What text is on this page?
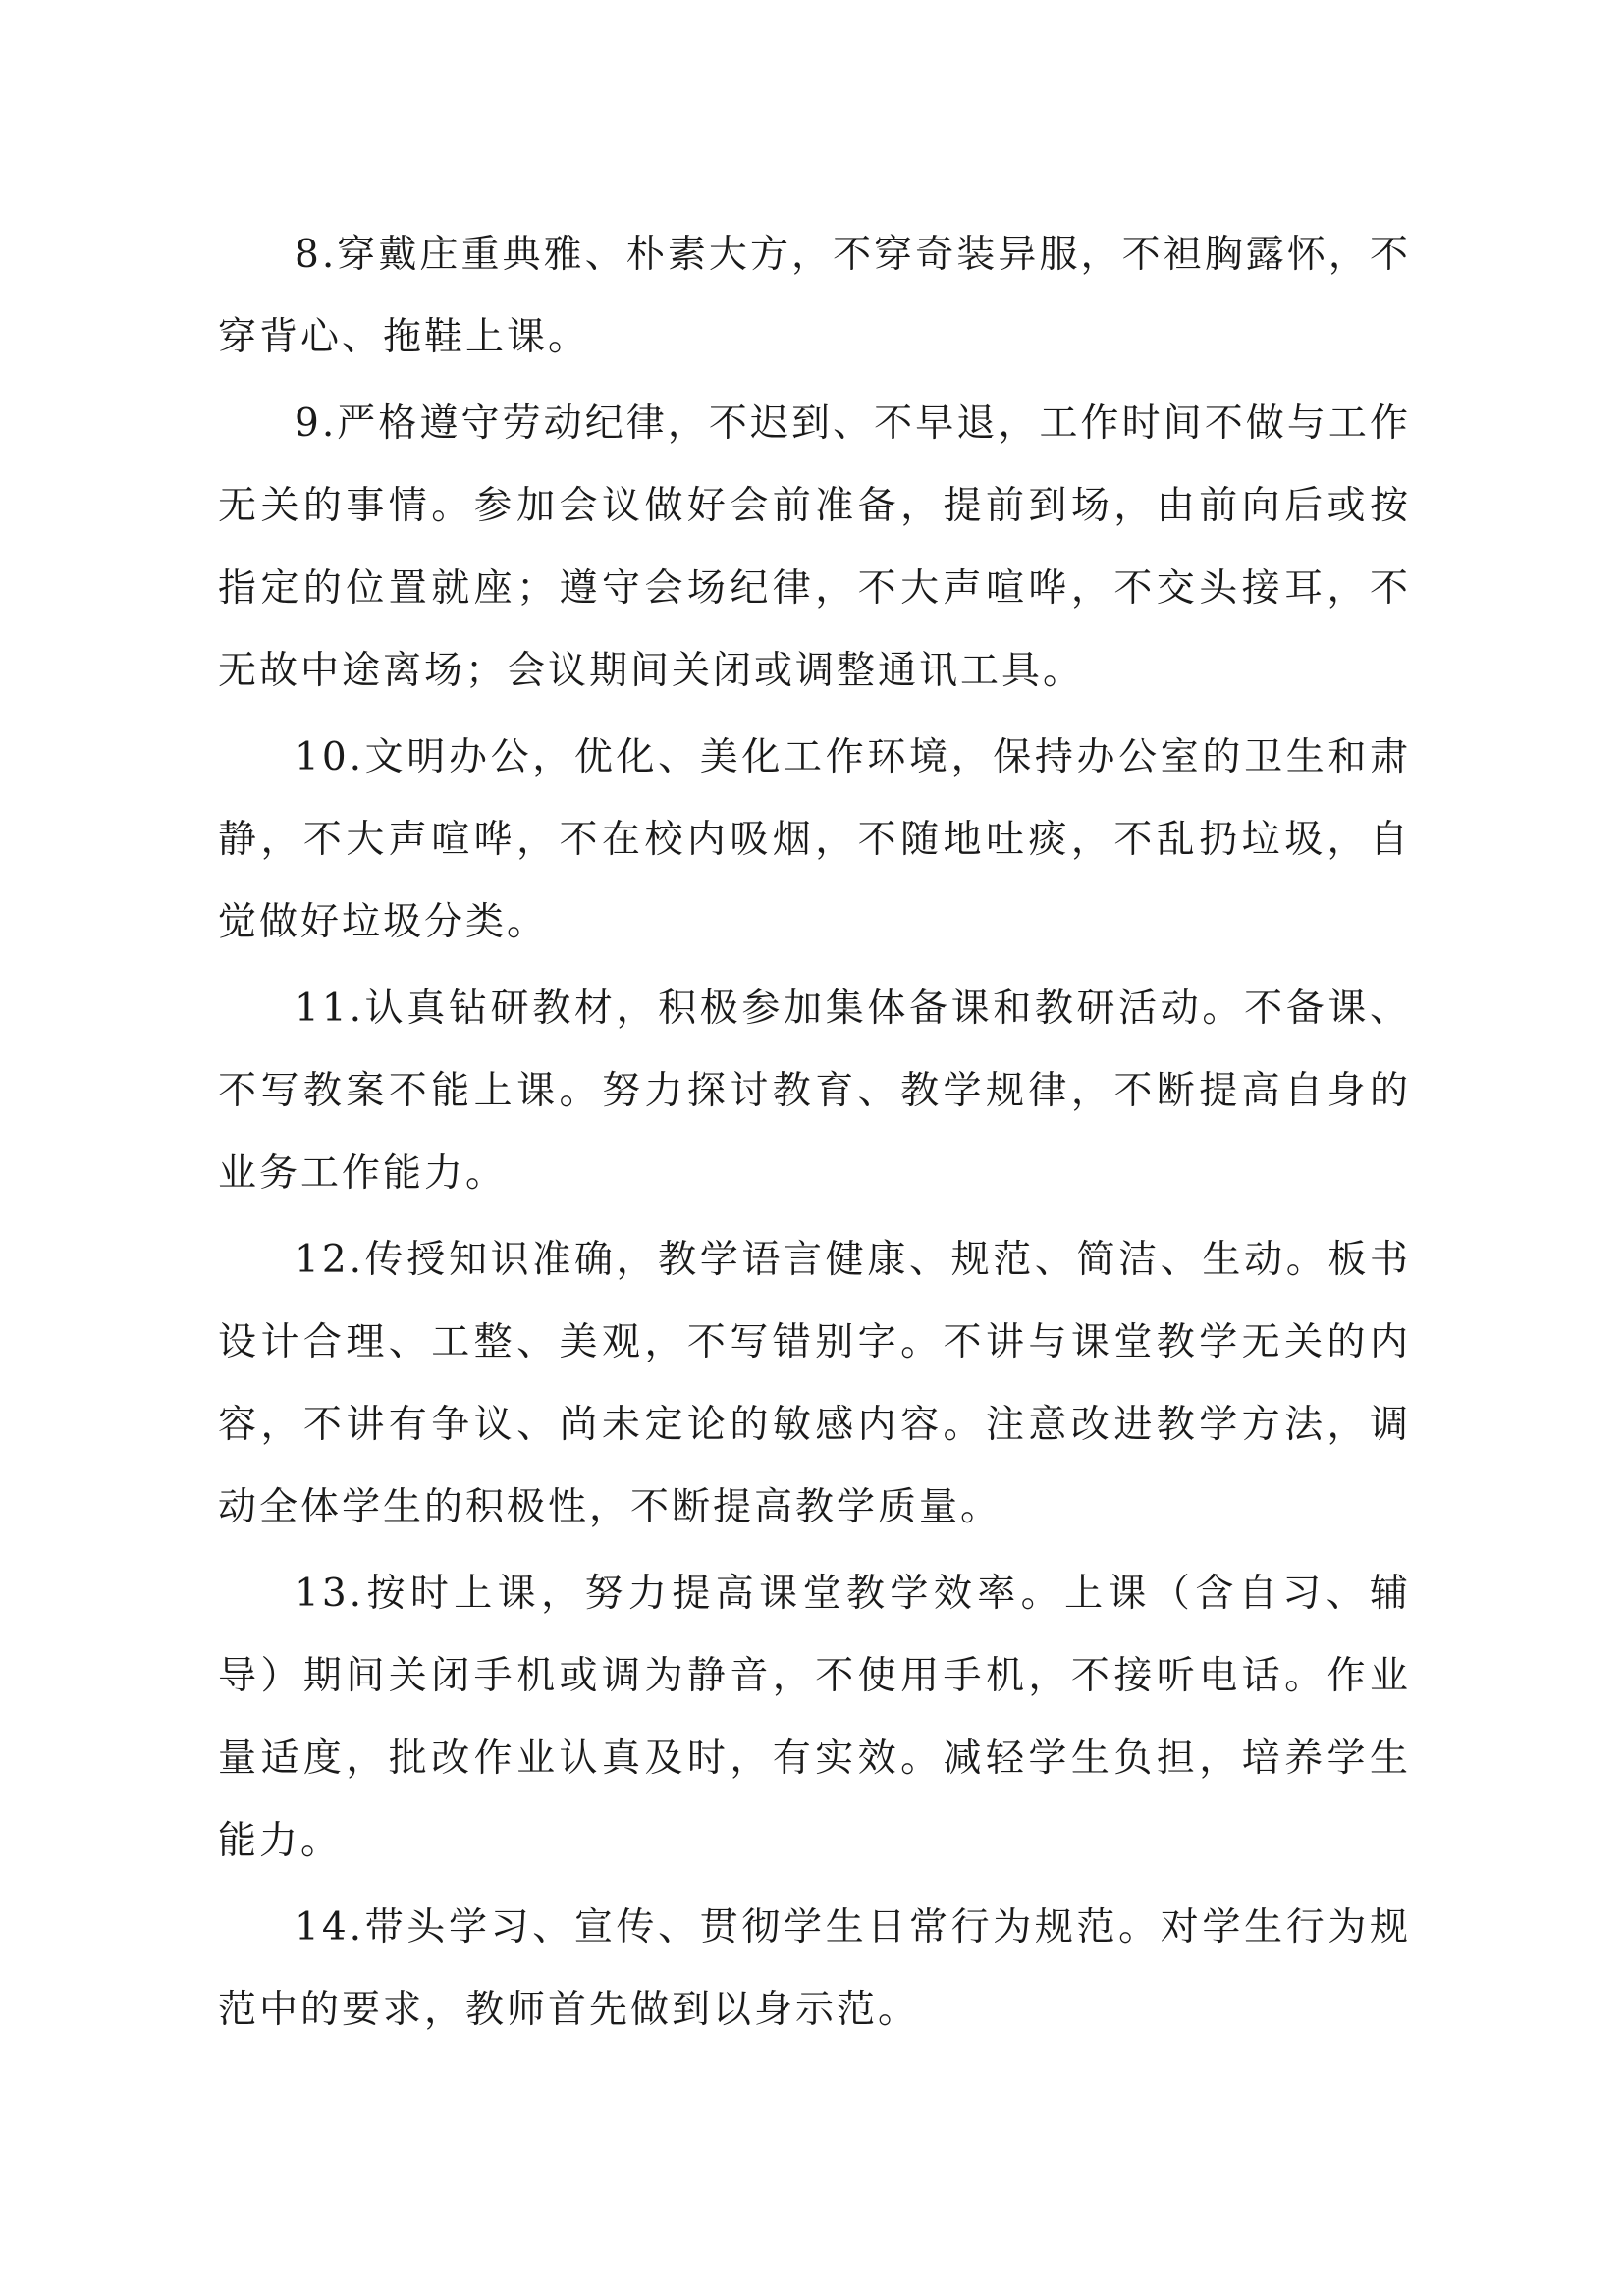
8.穿戴庄重典雅、朴素大方，不穿奇装异服，不袒胸露怀，不穿背心、拖鞋上课。

9.严格遵守劳动纪律，不迟到、不早退，工作时间不做与工作无关的事情。参加会议做好会前准备，提前到场，由前向后或按指定的位置就座；遵守会场纪律，不大声喧哗，不交头接耳，不无故中途离场；会议期间关闭或调整通讯工具。

10.文明办公，优化、美化工作环境，保持办公室的卫生和肃静，不大声喧哗，不在校内吸烟，不随地吐痰，不乱扔垃圾，自觉做好垃圾分类。

11.认真钻研教材，积极参加集体备课和教研活动。不备课、不写教案不能上课。努力探讨教育、教学规律，不断提高自身的业务工作能力。

12.传授知识准确，教学语言健康、规范、简洁、生动。板书设计合理、工整、美观，不写错别字。不讲与课堂教学无关的内容，不讲有争议、尚未定论的敏感内容。注意改进教学方法，调动全体学生的积极性，不断提高教学质量。

13.按时上课，努力提高课堂教学效率。上课（含自习、辅导）期间关闭手机或调为静音，不使用手机，不接听电话。作业量适度，批改作业认真及时，有实效。减轻学生负担，培养学生能力。

14.带头学习、宣传、贯彻学生日常行为规范。对学生行为规范中的要求，教师首先做到以身示范。
